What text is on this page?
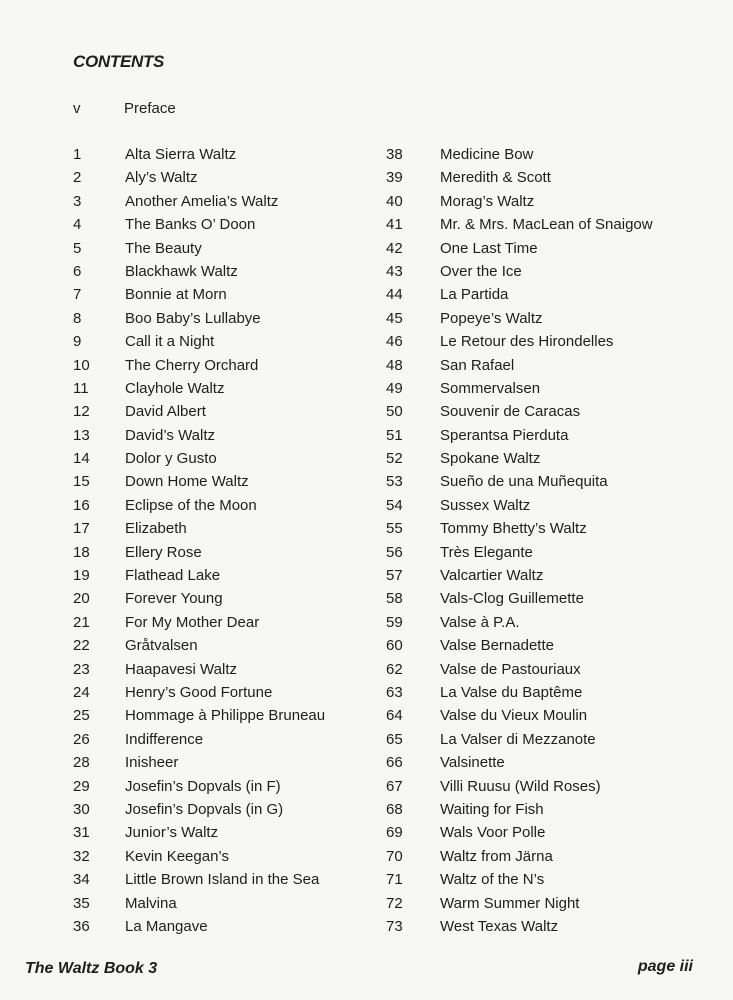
CONTENTS
v	Preface
1	Alta Sierra Waltz
2	Aly’s Waltz
3	Another Amelia’s Waltz
4	The Banks O’ Doon
5	The Beauty
6	Blackhawk Waltz
7	Bonnie at Morn
8	Boo Baby’s Lullabye
9	Call it a Night
10	The Cherry Orchard
11	Clayhole Waltz
12	David Albert
13	David’s Waltz
14	Dolor y Gusto
15	Down Home Waltz
16	Eclipse of the Moon
17	Elizabeth
18	Ellery Rose
19	Flathead Lake
20	Forever Young
21	For My Mother Dear
22	Gråtvalsen
23	Haapavesi Waltz
24	Henry’s Good Fortune
25	Hommage à Philippe Bruneau
26	Indifference
28	Inisheer
29	Josefin’s Dopvals (in F)
30	Josefin’s Dopvals (in G)
31	Junior’s Waltz
32	Kevin Keegan’s
34	Little Brown Island in the Sea
35	Malvina
36	La Mangave
38	Medicine Bow
39	Meredith & Scott
40	Morag’s Waltz
41	Mr. & Mrs. MacLean of Snaigow
42	One Last Time
43	Over the Ice
44	La Partida
45	Popeye’s Waltz
46	Le Retour des Hirondelles
48	San Rafael
49	Sommervalsen
50	Souvenir de Caracas
51	Sperantsa Pierduta
52	Spokane Waltz
53	Sueño de una Muñequita
54	Sussex Waltz
55	Tommy Bhetty’s Waltz
56	Très Elegante
57	Valcartier Waltz
58	Vals-Clog Guillemette
59	Valse à P.A.
60	Valse Bernadette
62	Valse de Pastouriaux
63	La Valse du Baptême
64	Valse du Vieux Moulin
65	La Valser di Mezzanote
66	Valsinette
67	Villi Ruusu (Wild Roses)
68	Waiting for Fish
69	Wals Voor Polle
70	Waltz from Järna
71	Waltz of the N’s
72	Warm Summer Night
73	West Texas Waltz
The Waltz Book 3	page iii
